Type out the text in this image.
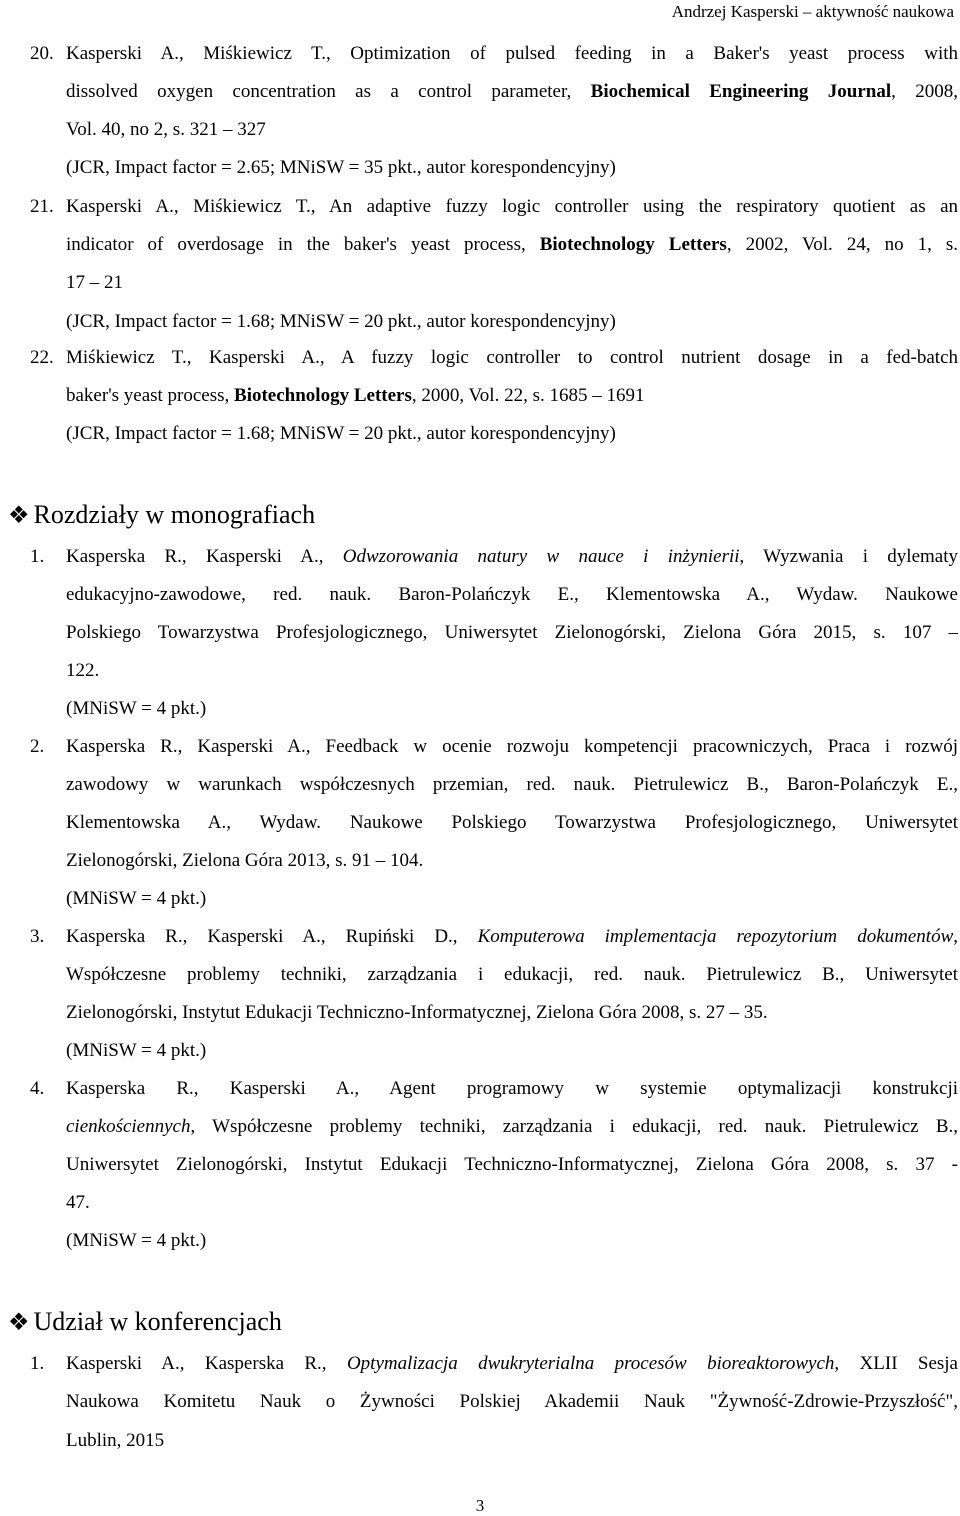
Andrzej Kasperski – aktywność naukowa
20. Kasperski A., Miśkiewicz T., Optimization of pulsed feeding in a Baker's yeast process with
dissolved oxygen concentration as a control parameter, Biochemical Engineering Journal, 2008,
Vol. 40, no 2, s. 321 – 327
(JCR, Impact factor = 2.65; MNiSW = 35 pkt., autor korespondencyjny)
21. Kasperski A., Miśkiewicz T., An adaptive fuzzy logic controller using the respiratory quotient as an
indicator of overdosage in the baker's yeast process, Biotechnology Letters, 2002, Vol. 24, no 1, s.
17 – 21
(JCR, Impact factor = 1.68; MNiSW = 20 pkt., autor korespondencyjny)
22. Miśkiewicz T., Kasperski A., A fuzzy logic controller to control nutrient dosage in a fed-batch
baker's yeast process, Biotechnology Letters, 2000, Vol. 22, s. 1685 – 1691
(JCR, Impact factor = 1.68; MNiSW = 20 pkt., autor korespondencyjny)
❖ Rozdziały w monografiach
1. Kasperska R., Kasperski A., Odwzorowania natury w nauce i inżynierii, Wyzwania i dylematy
edukacyjno-zawodowe, red. nauk. Baron-Polańczyk E., Klementowska A., Wydaw. Naukowe
Polskiego Towarzystwa Profesjologicznego, Uniwersytet Zielonogórski, Zielona Góra 2015, s. 107 –
122.
(MNiSW = 4 pkt.)
2. Kasperska R., Kasperski A., Feedback w ocenie rozwoju kompetencji pracowniczych, Praca i rozwój
zawodowy w warunkach współczesnych przemian, red. nauk. Pietrulewicz B., Baron-Polańczyk E.,
Klementowska A., Wydaw. Naukowe Polskiego Towarzystwa Profesjologicznego, Uniwersytet
Zielonogórski, Zielona Góra 2013, s. 91 – 104.
(MNiSW = 4 pkt.)
3. Kasperska R., Kasperski A., Rupiński D., Komputerowa implementacja repozytorium dokumentów,
Współczesne problemy techniki, zarządzania i edukacji, red. nauk. Pietrulewicz B., Uniwersytet
Zielonogórski, Instytut Edukacji Techniczno-Informatycznej, Zielona Góra 2008, s. 27 – 35.
(MNiSW = 4 pkt.)
4. Kasperska R., Kasperski A., Agent programowy w systemie optymalizacji konstrukcji
cienkościennych, Współczesne problemy techniki, zarządzania i edukacji, red. nauk. Pietrulewicz B.,
Uniwersytet Zielonogórski, Instytut Edukacji Techniczno-Informatycznej, Zielona Góra 2008, s. 37 -
47.
(MNiSW = 4 pkt.)
❖ Udział w konferencjach
1. Kasperski A., Kasperska R., Optymalizacja dwukryterialna procesów bioreaktorowych, XLII Sesja
Naukowa Komitetu Nauk o Żywności Polskiej Akademii Nauk "Żywność-Zdrowie-Przyszłość",
Lublin, 2015
3
